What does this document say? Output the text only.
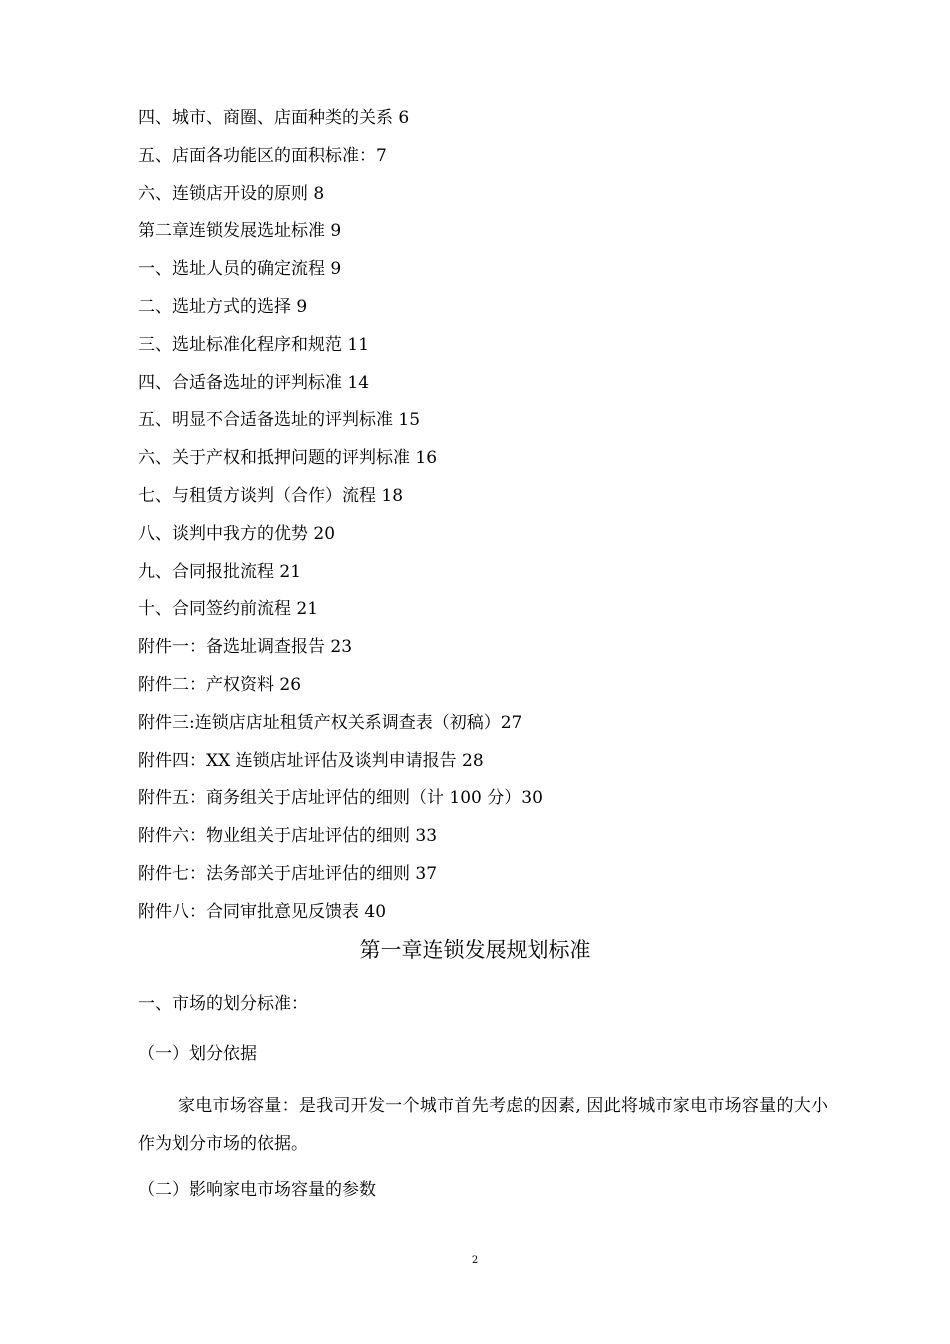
四、城市、商圈、店面种类的关系 6
五、店面各功能区的面积标准：7
六、连锁店开设的原则 8
第二章连锁发展选址标准 9
一、选址人员的确定流程 9
二、选址方式的选择 9
三、选址标准化程序和规范 11
四、合适备选址的评判标准 14
五、明显不合适备选址的评判标准 15
六、关于产权和抵押问题的评判标准 16
七、与租赁方谈判（合作）流程 18
八、谈判中我方的优势 20
九、合同报批流程 21
十、合同签约前流程 21
附件一：备选址调查报告 23
附件二：产权资料 26
附件三:连锁店店址租赁产权关系调查表（初稿）27
附件四：XX 连锁店址评估及谈判申请报告 28
附件五：商务组关于店址评估的细则（计 100 分）30
附件六：物业组关于店址评估的细则 33
附件七：法务部关于店址评估的细则 37
附件八：合同审批意见反馈表 40
第一章连锁发展规划标准
一、市场的划分标准：
（一）划分依据
家电市场容量：是我司开发一个城市首先考虑的因素, 因此将城市家电市场容量的大小作为划分市场的依据。
（二）影响家电市场容量的参数
2
